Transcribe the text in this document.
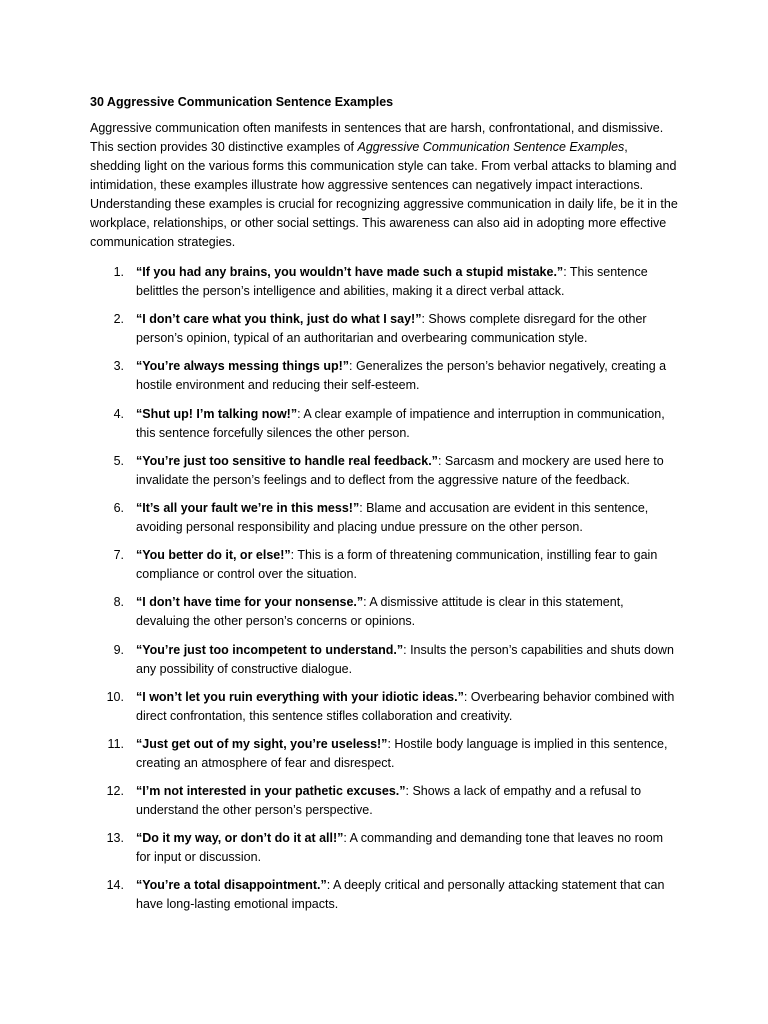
30 Aggressive Communication Sentence Examples

Aggressive communication often manifests in sentences that are harsh, confrontational, and dismissive. This section provides 30 distinctive examples of Aggressive Communication Sentence Examples, shedding light on the various forms this communication style can take. From verbal attacks to blaming and intimidation, these examples illustrate how aggressive sentences can negatively impact interactions. Understanding these examples is crucial for recognizing aggressive communication in daily life, be it in the workplace, relationships, or other social settings. This awareness can also aid in adopting more effective communication strategies.

1. “If you had any brains, you wouldn’t have made such a stupid mistake.”: This sentence belittles the person’s intelligence and abilities, making it a direct verbal attack.
2. “I don’t care what you think, just do what I say!”: Shows complete disregard for the other person’s opinion, typical of an authoritarian and overbearing communication style.
3. “You’re always messing things up!”: Generalizes the person’s behavior negatively, creating a hostile environment and reducing their self-esteem.
4. “Shut up! I’m talking now!”: A clear example of impatience and interruption in communication, this sentence forcefully silences the other person.
5. “You’re just too sensitive to handle real feedback.”: Sarcasm and mockery are used here to invalidate the person’s feelings and to deflect from the aggressive nature of the feedback.
6. “It’s all your fault we’re in this mess!”: Blame and accusation are evident in this sentence, avoiding personal responsibility and placing undue pressure on the other person.
7. “You better do it, or else!”: This is a form of threatening communication, instilling fear to gain compliance or control over the situation.
8. “I don’t have time for your nonsense.”: A dismissive attitude is clear in this statement, devaluing the other person’s concerns or opinions.
9. “You’re just too incompetent to understand.”: Insults the person’s capabilities and shuts down any possibility of constructive dialogue.
10. “I won’t let you ruin everything with your idiotic ideas.”: Overbearing behavior combined with direct confrontation, this sentence stifles collaboration and creativity.
11. “Just get out of my sight, you’re useless!”: Hostile body language is implied in this sentence, creating an atmosphere of fear and disrespect.
12. “I’m not interested in your pathetic excuses.”: Shows a lack of empathy and a refusal to understand the other person’s perspective.
13. “Do it my way, or don’t do it at all!”: A commanding and demanding tone that leaves no room for input or discussion.
14. “You’re a total disappointment.”: A deeply critical and personally attacking statement that can have long-lasting emotional impacts.
